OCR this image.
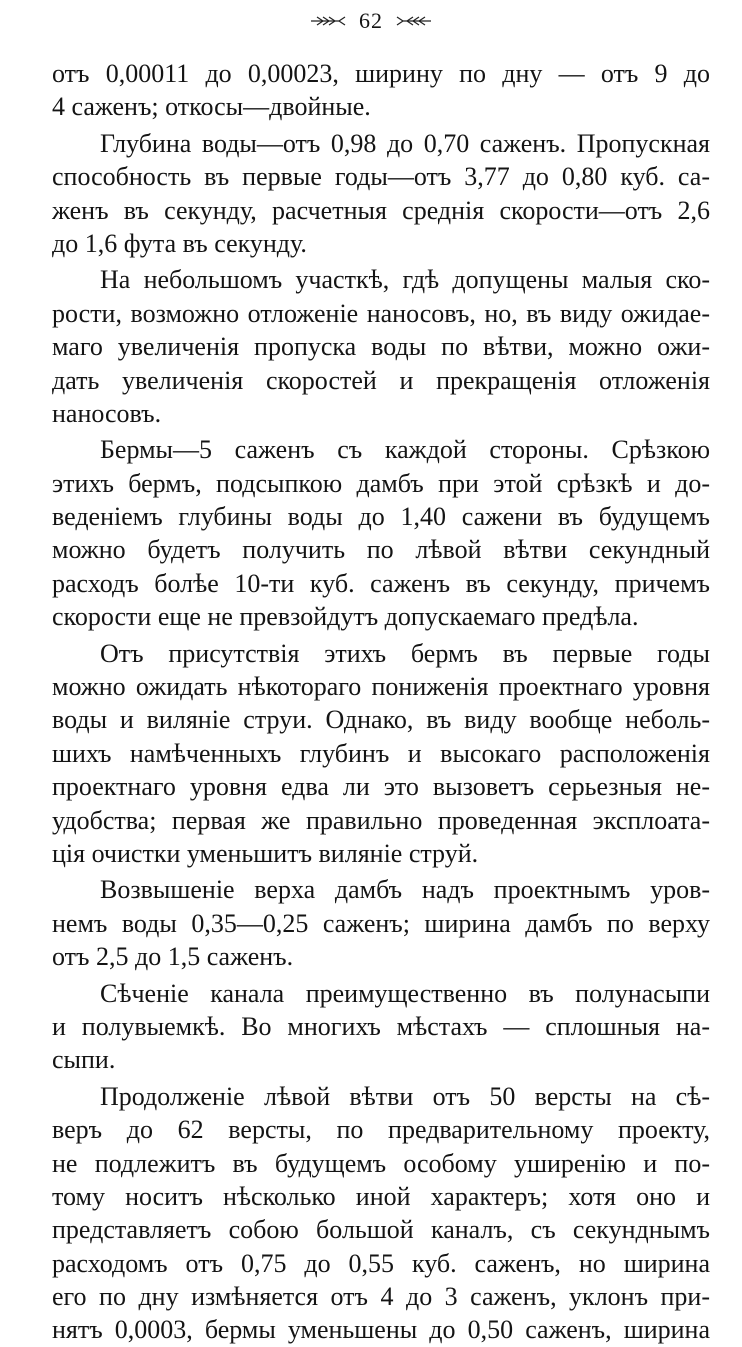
62
отъ 0,00011 до 0,00023, ширину по дну — отъ 9 до
4 саженъ; откосы—двойные.
Глубина воды—отъ 0,98 до 0,70 саженъ. Пропускная
способность въ первые годы—отъ 3,77 до 0,80 куб. са-
женъ въ секунду, расчетныя среднія скорости—отъ 2,6
до 1,6 фута въ секунду.
На небольшомъ участкѣ, гдѣ допущены малыя ско-
рости, возможно отложеніе наносовъ, но, въ виду ожидае-
маго увеличенія пропуска воды по вѣтви, можно ожи-
дать увеличенія скоростей и прекращенія отложенія
наносовъ.
Бермы—5 саженъ съ каждой стороны. Срѣзкою
этихъ бермъ, подсыпкою дамбъ при этой срѣзкѣ и до-
веденіемъ глубины воды до 1,40 сажени въ будущемъ
можно будетъ получить по лѣвой вѣтви секундный
расходъ болѣе 10-ти куб. саженъ въ секунду, причемъ
скорости еще не превзойдутъ допускаемаго предѣла.
Отъ присутствія этихъ бермъ въ первые годы
можно ожидать нѣкотораго пониженія проектнаго уровня
воды и виляніе струи. Однако, въ виду вообще неболь-
шихъ намѣченныхъ глубинъ и высокаго расположенія
проектнаго уровня едва ли это вызоветъ серьезныя не-
удобства; первая же правильно проведенная эксплоата-
ція очистки уменьшитъ виляніе струй.
Возвышеніе верха дамбъ надъ проектнымъ уров-
немъ воды 0,35—0,25 саженъ; ширина дамбъ по верху
отъ 2,5 до 1,5 саженъ.
Сѣченіе канала преимущественно въ полунасыпи
и полувыемкѣ. Во многихъ мѣстахъ — сплошныя на-
сыпи.
Продолженіе лѣвой вѣтви отъ 50 версты на сѣ-
веръ до 62 версты, по предварительному проекту,
не подлежитъ въ будущемъ особому уширенію и по-
тому носитъ нѣсколько иной характеръ; хотя оно и
представляетъ собою большой каналъ, съ секунднымъ
расходомъ отъ 0,75 до 0,55 куб. саженъ, но ширина
его по дну измѣняется отъ 4 до 3 саженъ, уклонъ при-
нятъ 0,0003, бермы уменьшены до 0,50 саженъ, ширина
